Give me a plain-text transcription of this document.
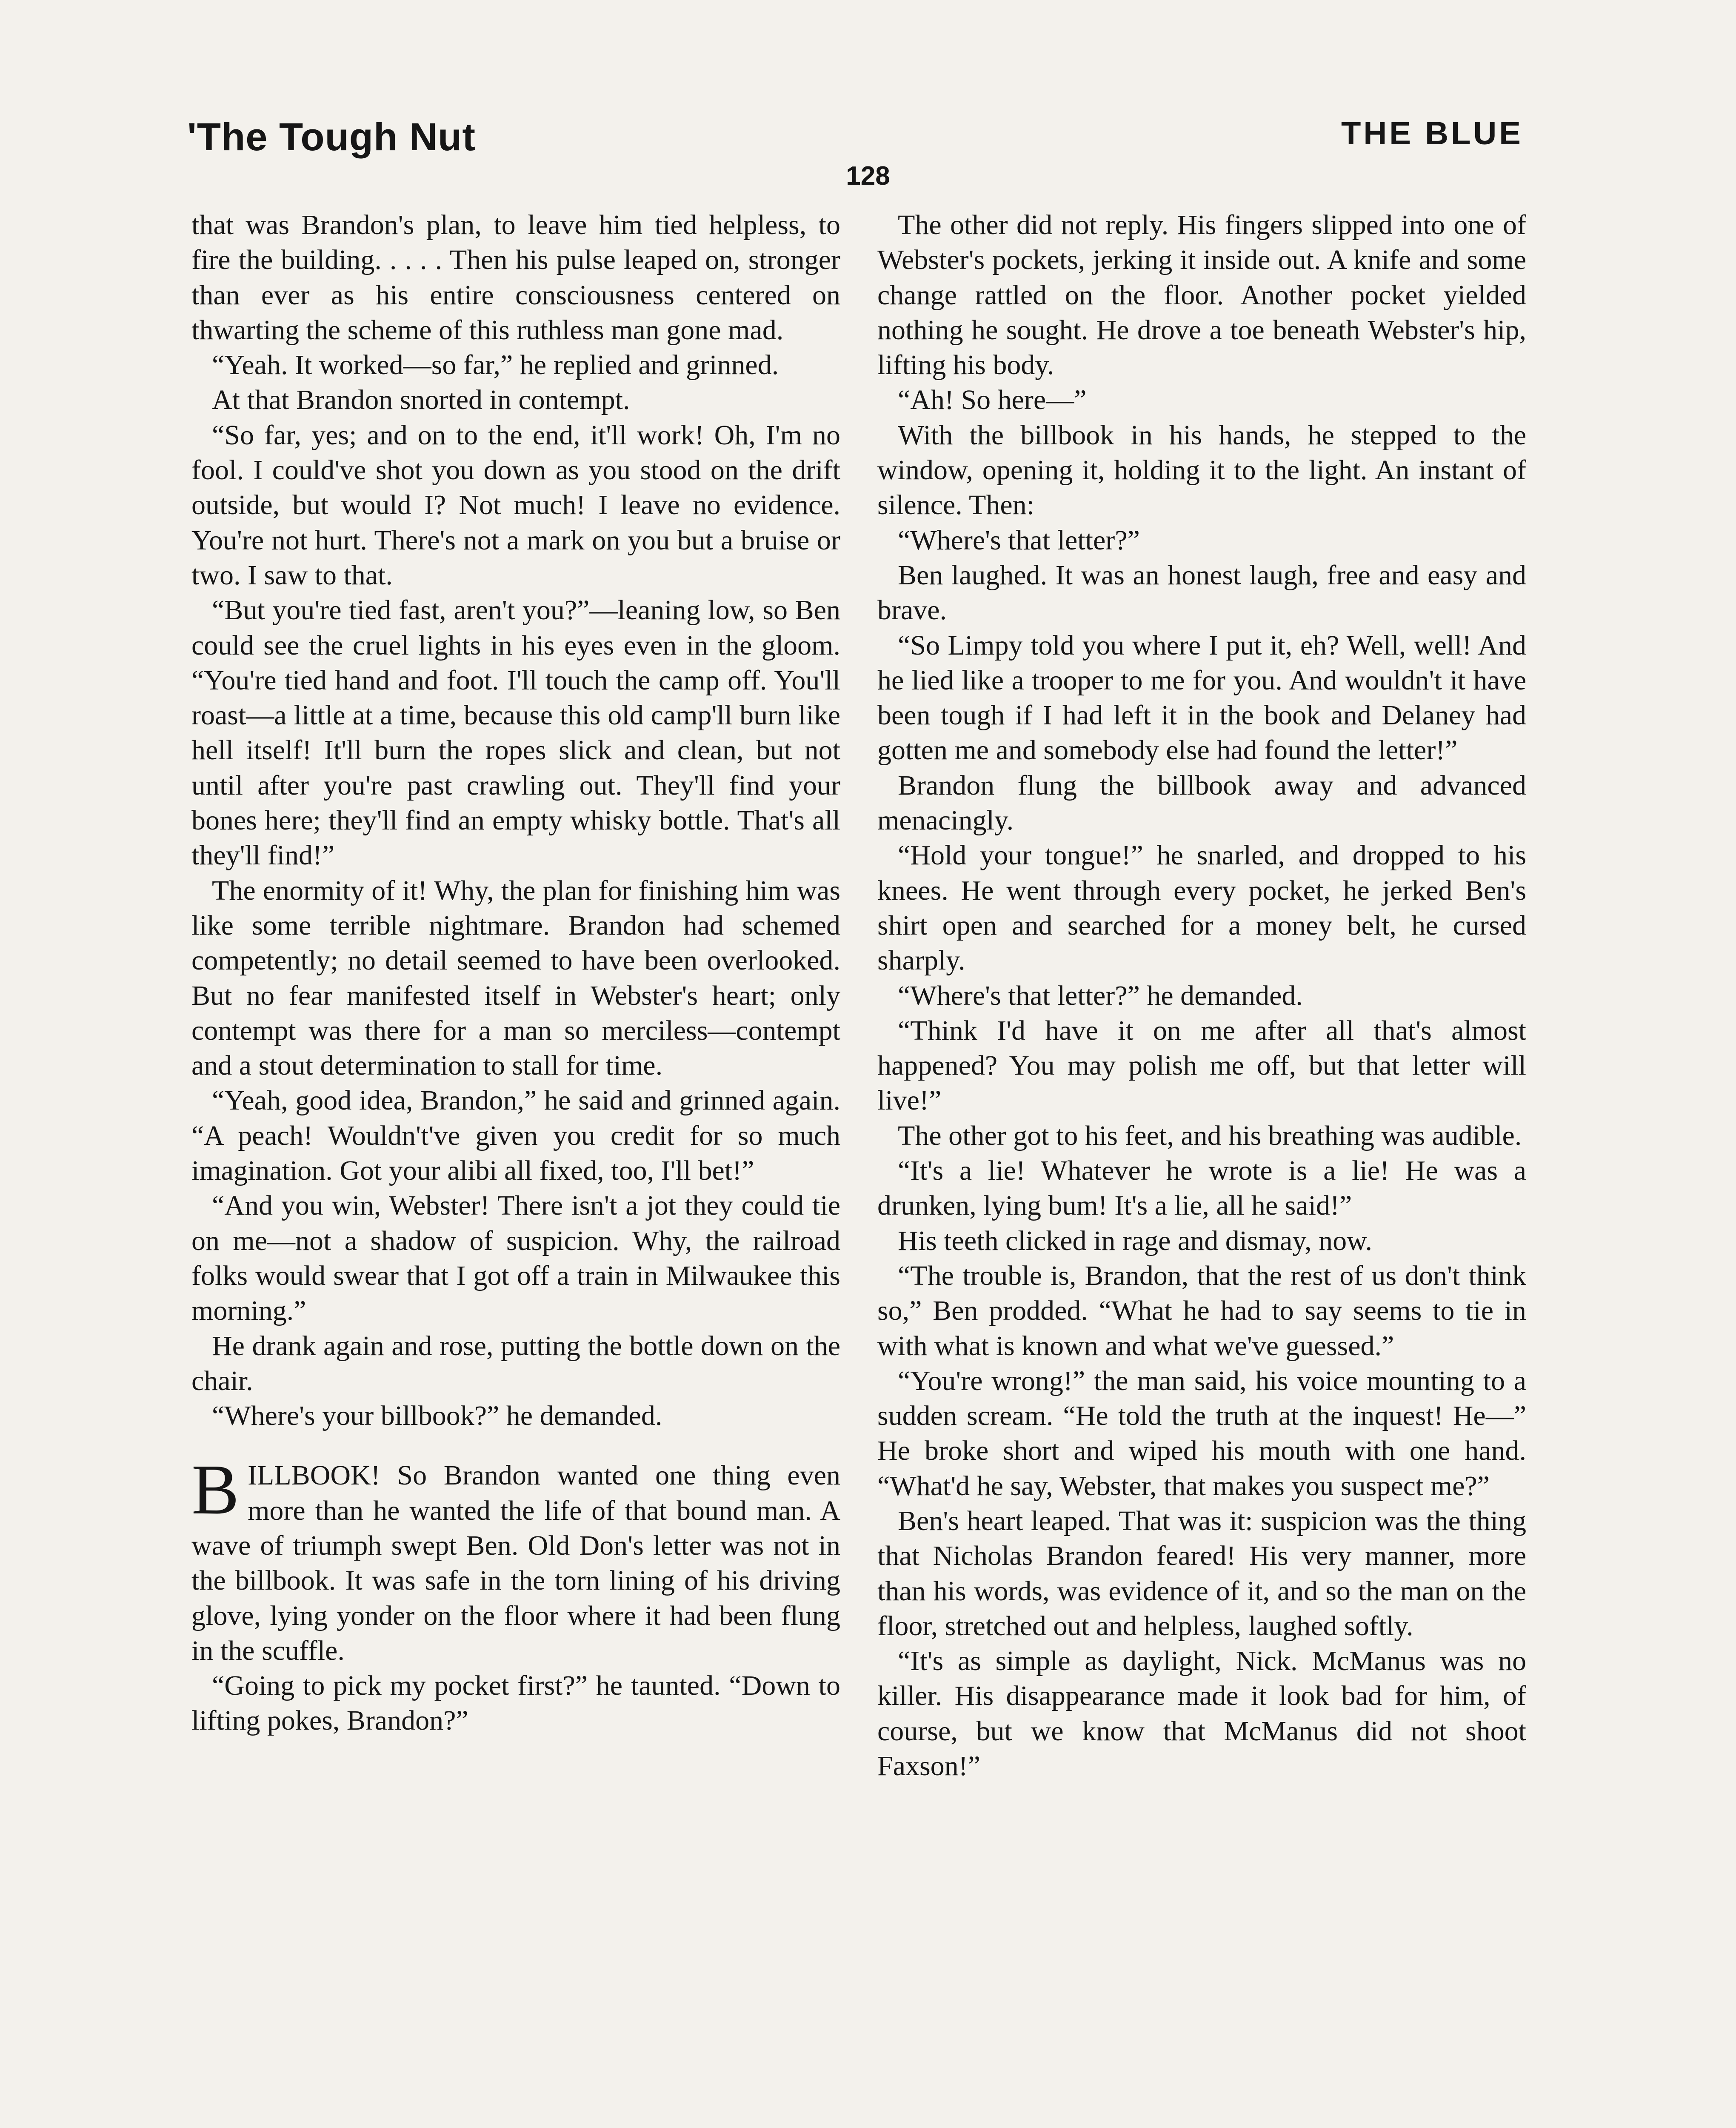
'The Tough Nut	THE BLUE
128

that was Brandon's plan, to leave him tied helpless, to fire the building. . . . . Then his pulse leaped on, stronger than ever as his entire consciousness centered on thwarting the scheme of this ruthless man gone mad.

“Yeah. It worked—so far,” he replied and grinned.

At that Brandon snorted in contempt.

“So far, yes; and on to the end, it'll work! Oh, I'm no fool. I could've shot you down as you stood on the drift outside, but would I? Not much! I leave no evidence. You're not hurt. There's not a mark on you but a bruise or two. I saw to that.

“But you're tied fast, aren't you?”—leaning low, so Ben could see the cruel lights in his eyes even in the gloom. “You're tied hand and foot. I'll touch the camp off. You'll roast—a little at a time, because this old camp'll burn like hell itself! It'll burn the ropes slick and clean, but not until after you're past crawling out. They'll find your bones here; they'll find an empty whisky bottle. That's all they'll find!”

The enormity of it! Why, the plan for finishing him was like some terrible nightmare. Brandon had schemed competently; no detail seemed to have been overlooked. But no fear manifested itself in Webster's heart; only contempt was there for a man so merciless—contempt and a stout determination to stall for time.

“Yeah, good idea, Brandon,” he said and grinned again. “A peach! Wouldn't've given you credit for so much imagination. Got your alibi all fixed, too, I'll bet!”

“And you win, Webster! There isn't a jot they could tie on me—not a shadow of suspicion. Why, the railroad folks would swear that I got off a train in Milwaukee this morning.”

He drank again and rose, putting the bottle down on the chair.

“Where's your billbook?” he demanded.

BILLBOOK! So Brandon wanted one thing even more than he wanted the life of that bound man. A wave of triumph swept Ben. Old Don's letter was not in the billbook. It was safe in the torn lining of his driving glove, lying yonder on the floor where it had been flung in the scuffle.

“Going to pick my pocket first?” he taunted. “Down to lifting pokes, Brandon?”

The other did not reply. His fingers slipped into one of Webster's pockets, jerking it inside out. A knife and some change rattled on the floor. Another pocket yielded nothing he sought. He drove a toe beneath Webster's hip, lifting his body.

“Ah! So here—”

With the billbook in his hands, he stepped to the window, opening it, holding it to the light. An instant of silence. Then:

“Where's that letter?”

Ben laughed. It was an honest laugh, free and easy and brave.

“So Limpy told you where I put it, eh? Well, well! And he lied like a trooper to me for you. And wouldn't it have been tough if I had left it in the book and Delaney had gotten me and somebody else had found the letter!”

Brandon flung the billbook away and advanced menacingly.

“Hold your tongue!” he snarled, and dropped to his knees. He went through every pocket, he jerked Ben's shirt open and searched for a money belt, he cursed sharply.

“Where's that letter?” he demanded.

“Think I'd have it on me after all that's almost happened? You may polish me off, but that letter will live!”

The other got to his feet, and his breathing was audible.

“It's a lie! Whatever he wrote is a lie! He was a drunken, lying bum! It's a lie, all he said!”

His teeth clicked in rage and dismay, now.

“The trouble is, Brandon, that the rest of us don't think so,” Ben prodded. “What he had to say seems to tie in with what is known and what we've guessed.”

“You're wrong!” the man said, his voice mounting to a sudden scream. “He told the truth at the inquest! He—” He broke short and wiped his mouth with one hand. “What'd he say, Webster, that makes you suspect me?”

Ben's heart leaped. That was it: suspicion was the thing that Nicholas Brandon feared! His very manner, more than his words, was evidence of it, and so the man on the floor, stretched out and helpless, laughed softly.

“It's as simple as daylight, Nick. McManus was no killer. His disappearance made it look bad for him, of course, but we know that McManus did not shoot Faxson!”
